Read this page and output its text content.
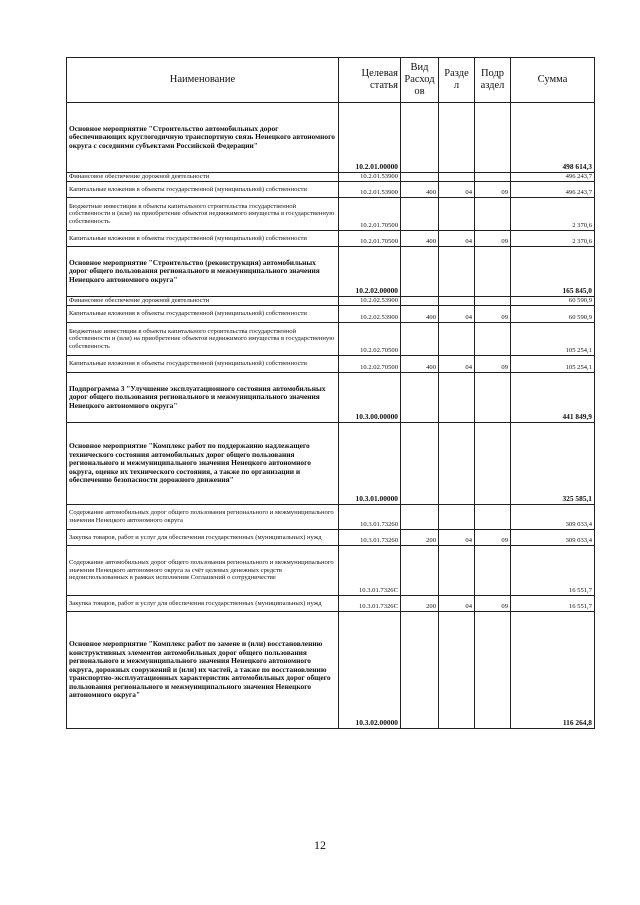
Наименование	Целевая статья	Вид Расход ов	Разде л	Подр аздел	Сумма
Основное мероприятие "Строительство автомобильных дорог обеспечивающих круглогодичную транспортную связь Ненецкого автономного округа с соседними субъектами Российской Федерации"	10.2.01.00000				498 614,3
Финансовое обеспечение дорожной деятельности	10.2.01.53900				496 243,7
Капитальные вложения в объекты государственной (муниципальной) собственности	10.2.01.53900	400	04	09	496 243,7
Бюджетные инвестиции в объекты капитального строительства государственной собственности и (или) на приобретение объектов недвижимого имущества в государственную собственность	10.2.01.70500				2 370,6
Капитальные вложения в объекты государственной (муниципальной) собственности	10.2.01.70500	400	04	09	2 370,6
Основное мероприятие "Строительство (реконструкция) автомобильных дорог общего пользования регионального и межмуниципального значения Ненецкого автономного округа"	10.2.02.00000				165 845,0
Финансовое обеспечение дорожной деятельности	10.2.02.53900				60 590,9
Капитальные вложения в объекты государственной (муниципальной) собственности	10.2.02.53900	400	04	09	60 590,9
Бюджетные инвестиции в объекты капитального строительства государственной собственности и (или) на приобретение объектов недвижимого имущества в государственную собственность	10.2.02.70500				105 254,1
Капитальные вложения в объекты государственной (муниципальной) собственности	10.2.02.70500	400	04	09	105 254,1
Подпрограмма 3 "Улучшение эксплуатационного состояния автомобильных дорог общего пользования регионального и межмуниципального значения Ненецкого автономного округа"	10.3.00.00000				441 849,9
Основное мероприятие "Комплекс работ по поддержанию надлежащего технического состояния автомобильных дорог общего пользования регионального и межмуниципального значения Ненецкого автономного округа, оценке их технического состояния, а также по организации и обеспечению безопасности дорожного движения"	10.3.01.00000				325 585,1
Содержание автомобильных дорог общего пользования регионального и межмуниципального значения Ненецкого автономного округа	10.3.01.73260				309 033,4
Закупка товаров, работ и услуг для обеспечения государственных (муниципальных) нужд	10.3.01.73260	200	04	09	309 033,4
Содержание автомобильных дорог общего пользования регионального и межмуниципального значения Ненецкого автономного округа за счёт целевых денежных средств недоиспользованных в рамках исполнения Соглашений о сотрудничестве	10.3.01.7326С				16 551,7
Закупка товаров, работ и услуг для обеспечения государственных (муниципальных) нужд	10.3.01.7326С	200	04	09	16 551,7
Основное мероприятие "Комплекс работ по замене и (или) восстановлению конструктивных элементов автомобильных дорог общего пользования регионального и межмуниципального значения Ненецкого автономного округа, дорожных сооружений и (или) их частей, а также по восстановлению транспортно-эксплуатационных характеристик автомобильных дорог общего пользования регионального и межмуниципального значения Ненецкого автономного округа"	10.3.02.00000				116 264,8
12
